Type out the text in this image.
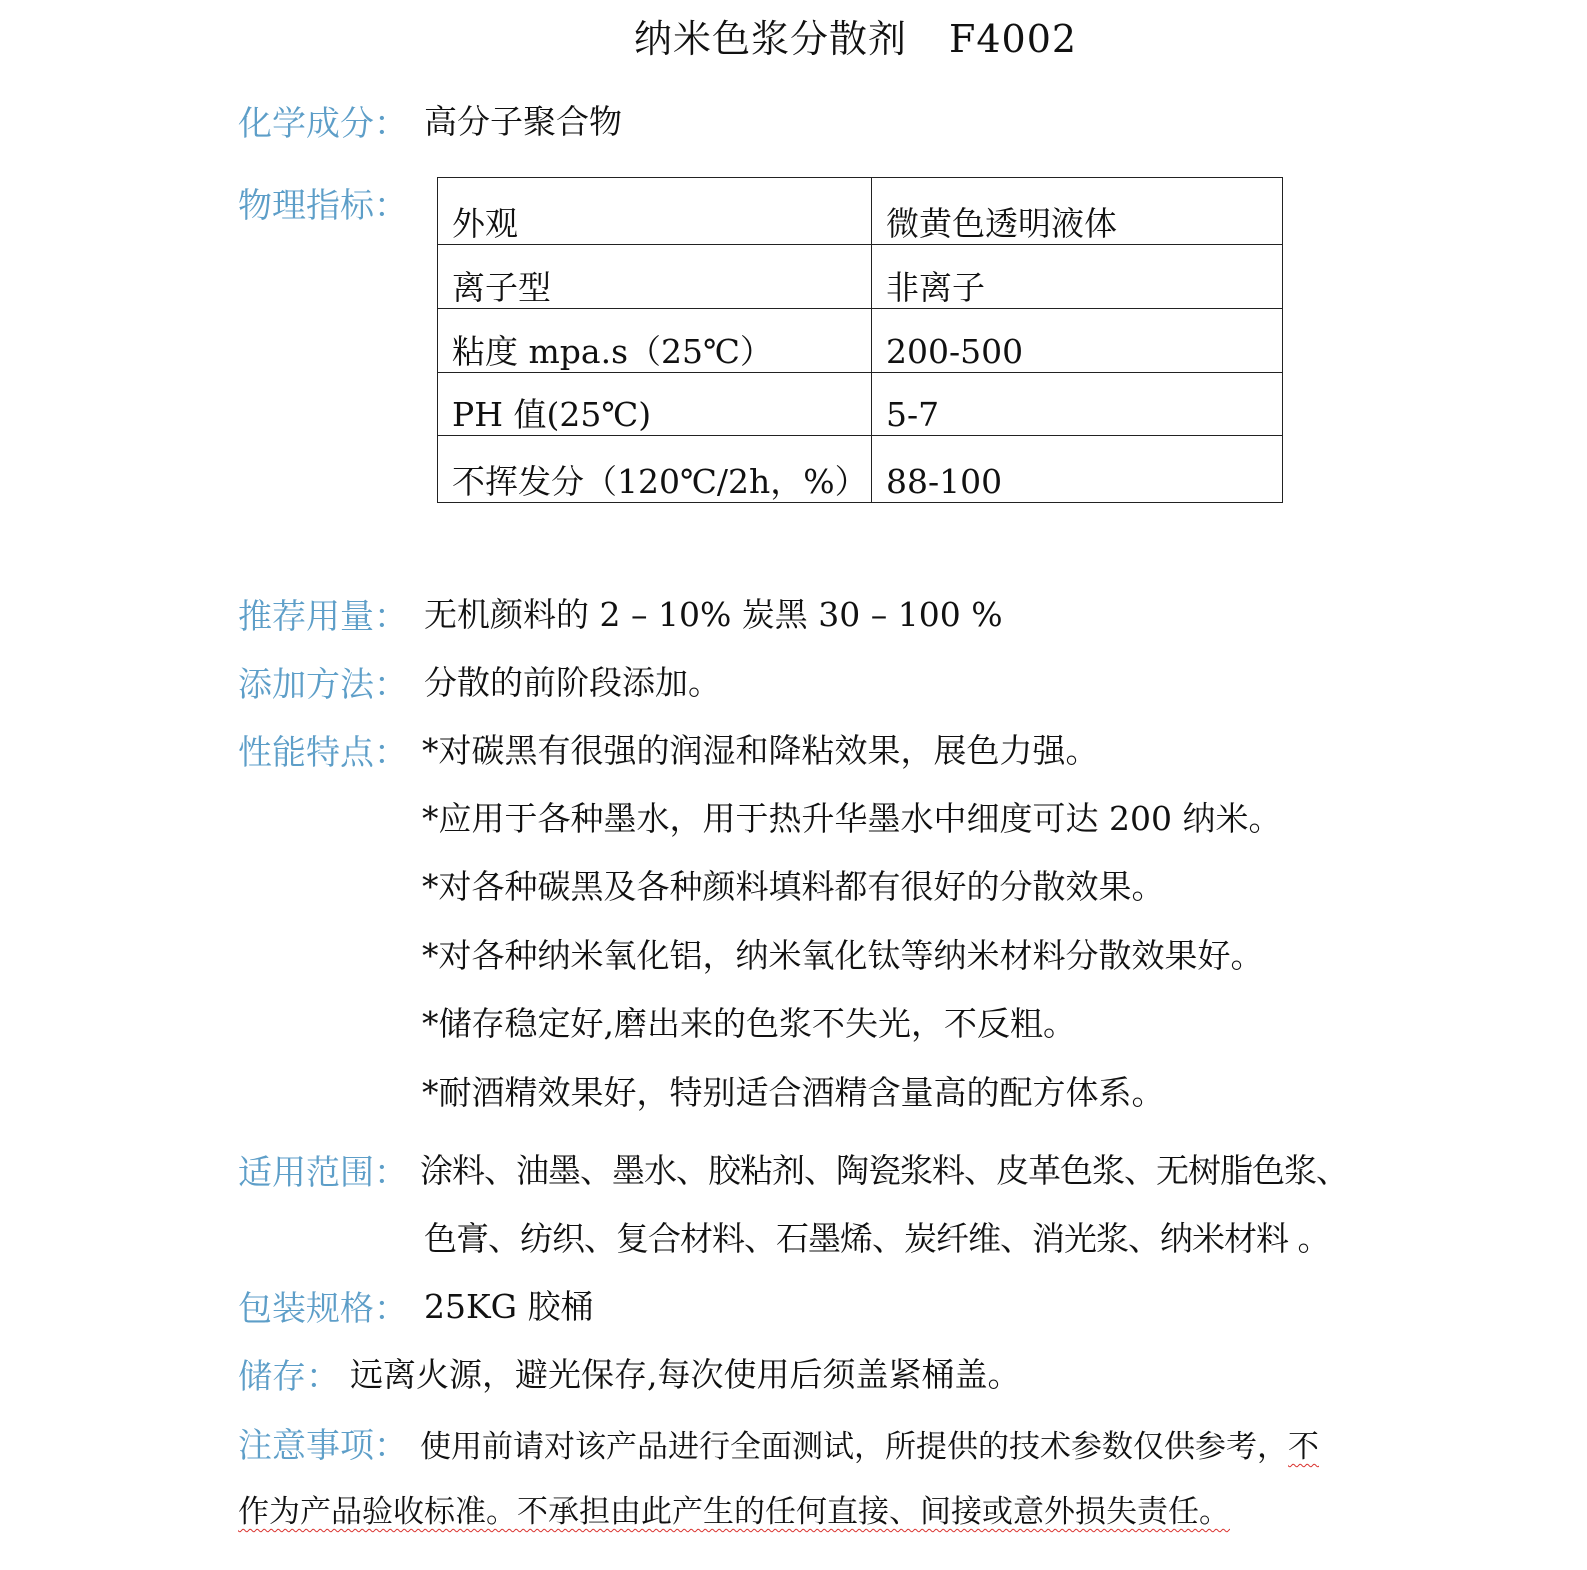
纳米色浆分散剂 F4002
化学成分： 高分子聚合物
物理指标： 外观	微黄色透明液体
离子型	非离子
粘度 mpa.s（25℃）	200-500
PH 值(25℃)	5-7
不挥发分（120℃/2h，%）	88-100
推荐用量： 无机颜料的 2 – 10% 炭黑 30 – 100 %
添加方法： 分散的前阶段添加。
性能特点： *对碳黑有很强的润湿和降粘效果，展色力强。
*应用于各种墨水，用于热升华墨水中细度可达 200 纳米。
*对各种碳黑及各种颜料填料都有很好的分散效果。
*对各种纳米氧化铝，纳米氧化钛等纳米材料分散效果好。
*储存稳定好,磨出来的色浆不失光，不反粗。
*耐酒精效果好，特别适合酒精含量高的配方体系。
适用范围： 涂料、油墨、墨水、胶粘剂、陶瓷浆料、皮革色浆、无树脂色浆、
色膏、纺织、复合材料、石墨烯、炭纤维、消光浆、纳米材料 。
包装规格： 25KG 胶桶
储存： 远离火源，避光保存,每次使用后须盖紧桶盖。
注意事项： 使用前请对该产品进行全面测试，所提供的技术参数仅供参考，不
作为产品验收标准。不承担由此产生的任何直接、间接或意外损失责任。
